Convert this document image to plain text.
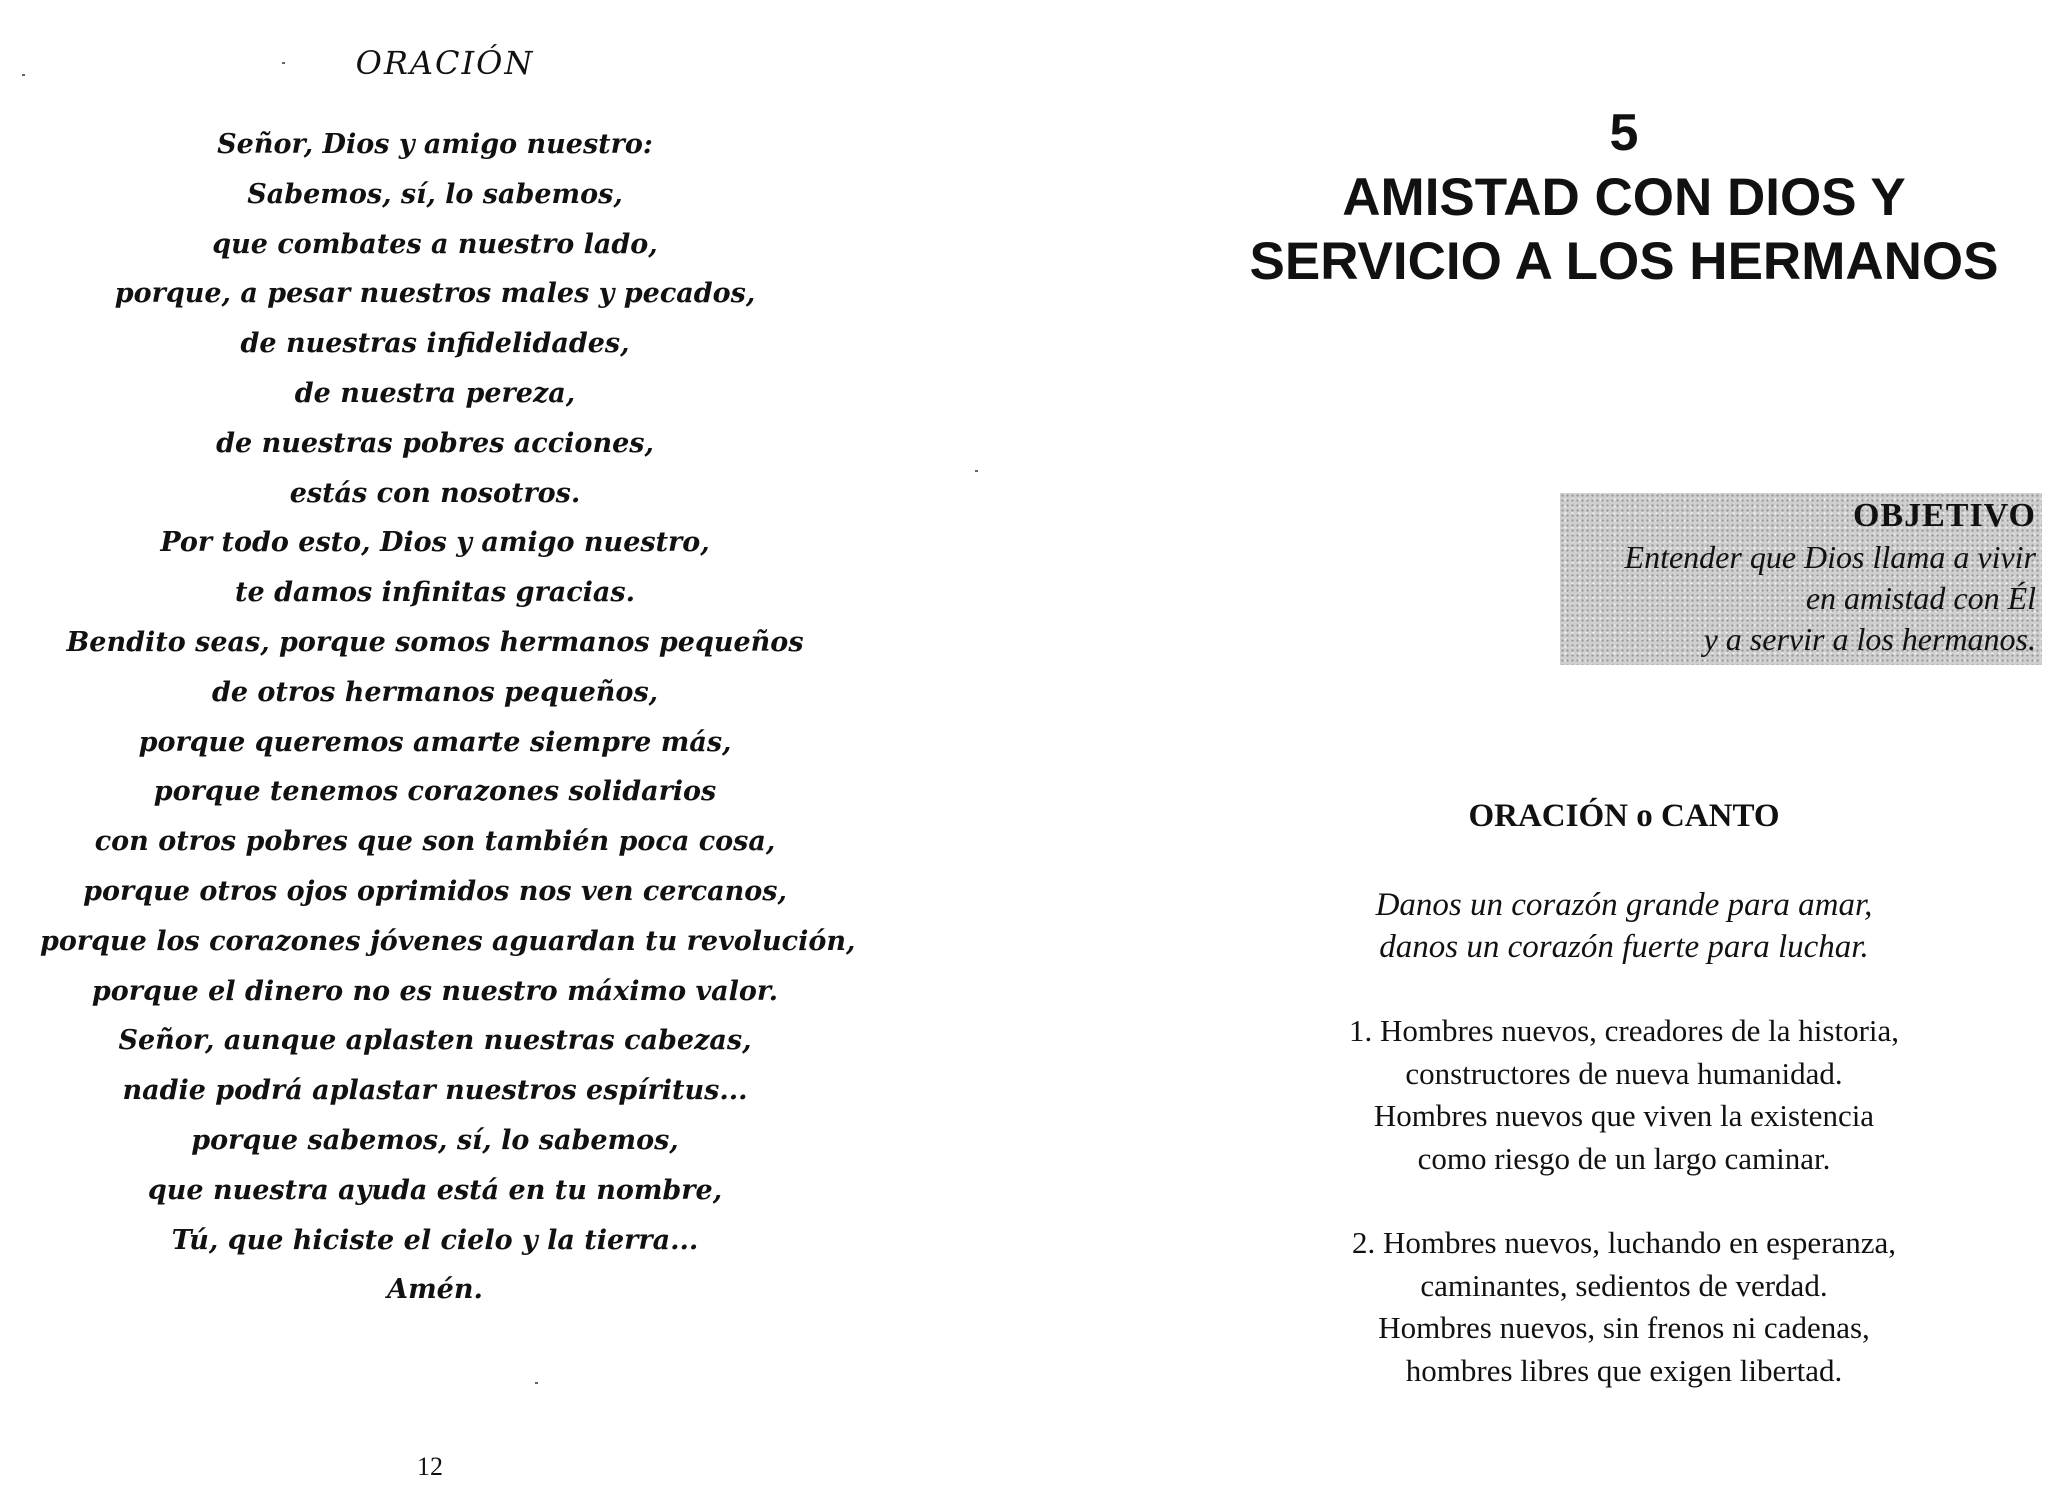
ORACIÓN
Señor, Dios y amigo nuestro:
Sabemos, sí, lo sabemos,
que combates a nuestro lado,
porque, a pesar nuestros males y pecados,
de nuestras infidelidades,
de nuestra pereza,
de nuestras pobres acciones,
estás con nosotros.
Por todo esto, Dios y amigo nuestro,
te damos infinitas gracias.
Bendito seas, porque somos hermanos pequeños
de otros hermanos pequeños,
porque queremos amarte siempre más,
porque tenemos corazones solidarios
con otros pobres que son también poca cosa,
porque otros ojos oprimidos nos ven cercanos,
porque los corazones jóvenes aguardan tu revolución,
porque el dinero no es nuestro máximo valor.
Señor, aunque aplasten nuestras cabezas,
nadie podrá aplastar nuestros espíritus...
porque sabemos, sí, lo sabemos,
que nuestra ayuda está en tu nombre,
Tú, que hiciste el cielo y la tierra...
Amén.
12
5
AMISTAD CON DIOS Y
SERVICIO A LOS HERMANOS
OBJETIVO
Entender que Dios llama a vivir
en amistad con Él
y a servir a los hermanos.
ORACIÓN o CANTO
Danos un corazón grande para amar,
danos un corazón fuerte para luchar.
1. Hombres nuevos, creadores de la historia,
constructores de nueva humanidad.
Hombres nuevos que viven la existencia
como riesgo de un largo caminar.
2. Hombres nuevos, luchando en esperanza,
caminantes, sedientos de verdad.
Hombres nuevos, sin frenos ni cadenas,
hombres libres que exigen libertad.
